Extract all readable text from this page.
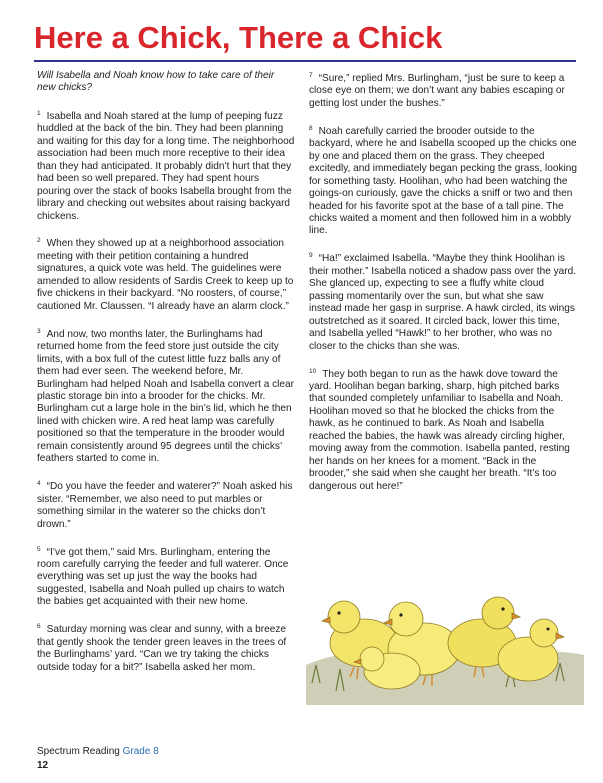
Here a Chick, There a Chick

Will Isabella and Noah know how to take care of their new chicks?

$^1$ Isabella and Noah stared at the lump of peeping fuzz huddled at the back of the bin. They had been planning and waiting for this day for a long time. The neighborhood association had been much more receptive to their idea than they had anticipated. It probably didn’t hurt that they had been so well prepared. They had spent hours pouring over the stack of books Isabella brought from the library and checking out websites about raising backyard chickens.

$^2$ When they showed up at a neighborhood association meeting with their petition containing a hundred signatures, a quick vote was held. The guidelines were amended to allow residents of Sardis Creek to keep up to five chickens in their backyard. “No roosters, of course,” cautioned Mr. Claussen. “I already have an alarm clock.”

$^3$ And now, two months later, the Burlinghams had returned home from the feed store just outside the city limits, with a box full of the cutest little fuzz balls any of them had ever seen. The weekend before, Mr. Burlingham had helped Noah and Isabella convert a clear plastic storage bin into a brooder for the chicks. Mr. Burlingham cut a large hole in the bin’s lid, which he then lined with chicken wire. A red heat lamp was carefully positioned so that the temperature in the brooder would remain consistently around 95 degrees until the chicks’ feathers started to come in.

$^4$ “Do you have the feeder and waterer?” Noah asked his sister. “Remember, we also need to put marbles or something similar in the waterer so the chicks don’t drown.”

$^5$ “I’ve got them,” said Mrs. Burlingham, entering the room carefully carrying the feeder and full waterer. Once everything was set up just the way the books had suggested, Isabella and Noah pulled up chairs to watch the babies get acquainted with their new home.

$^6$ Saturday morning was clear and sunny, with a breeze that gently shook the tender green leaves in the trees of the Burlinghams’ yard. “Can we try taking the chicks outside today for a bit?” Isabella asked her mom.

$^7$ “Sure,” replied Mrs. Burlingham, “just be sure to keep a close eye on them; we don’t want any babies escaping or getting lost under the bushes.”

$^8$ Noah carefully carried the brooder outside to the backyard, where he and Isabella scooped up the chicks one by one and placed them on the grass. They cheeped excitedly, and immediately began pecking the grass, looking for something tasty. Hoolihan, who had been watching the goings-on curiously, gave the chicks a sniff or two and then headed for his favorite spot at the base of a tall pine. The chicks waited a moment and then followed him in a wobbly line.

$^9$ “Ha!” exclaimed Isabella. “Maybe they think Hoolihan is their mother.” Isabella noticed a shadow pass over the yard. She glanced up, expecting to see a fluffy white cloud passing momentarily over the sun, but what she saw instead made her gasp in surprise. A hawk circled, its wings outstretched as it soared. It circled back, lower this time, and Isabella yelled “Hawk!” to her brother, who was no closer to the chicks than she was.

$^{10}$ They both began to run as the hawk dove toward the yard. Hoolihan began barking, sharp, high pitched barks that sounded completely unfamiliar to Isabella and Noah. Hoolihan moved so that he blocked the chicks from the hawk, as he continued to bark. As Noah and Isabella reached the babies, the hawk was already circling higher, moving away from the commotion. Isabella panted, resting her hands on her knees for a moment. “Back in the brooder,” she said when she caught her breath. “It’s too dangerous out here!”

Spectrum Reading Grade 8
12
